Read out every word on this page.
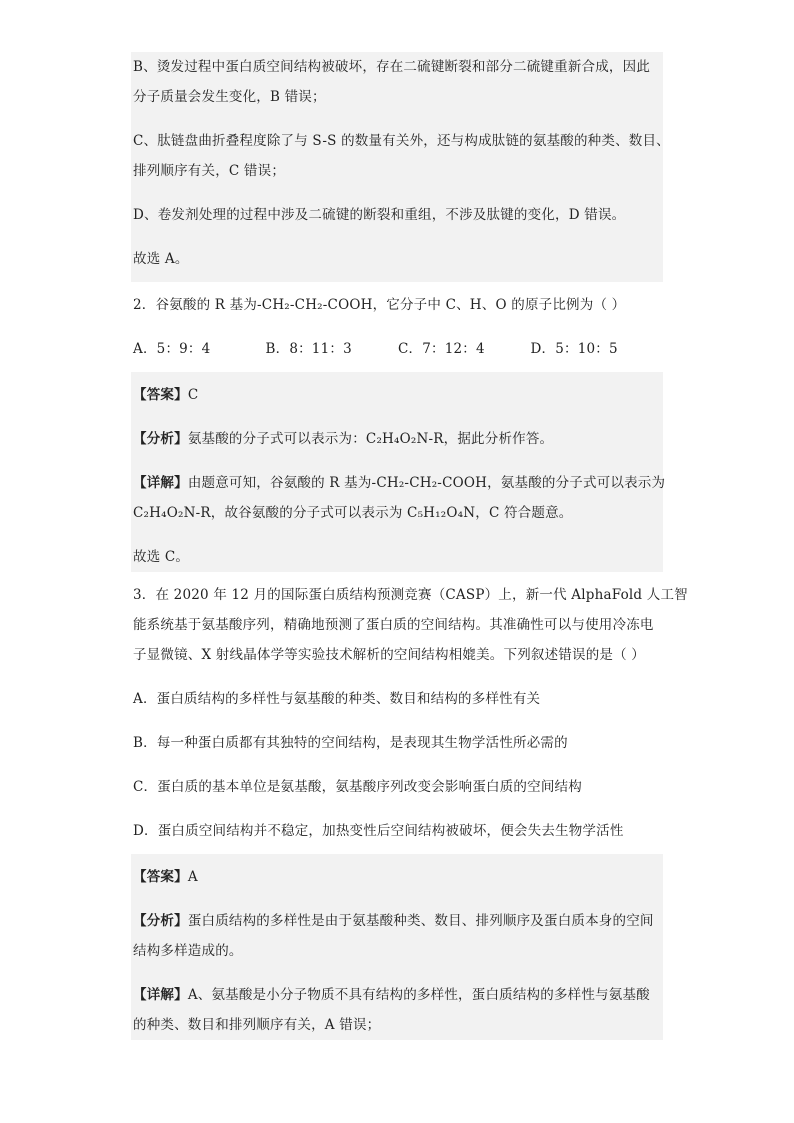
B、烫发过程中蛋白质空间结构被破坏，存在二硫键断裂和部分二硫键重新合成，因此

分子质量会发生变化，B 错误；

C、肽链盘曲折叠程度除了与 S-S 的数量有关外，还与构成肽链的氨基酸的种类、数目、

排列顺序有关，C 错误；

D、卷发剂处理的过程中涉及二硫键的断裂和重组，不涉及肽键的变化，D 错误。

故选 A。

2．谷氨酸的 R 基为-CH₂-CH₂-COOH，它分子中 C、H、O 的原子比例为（ ）

A．5：9：4	B．8：11：3	C．7：12：4	D．5：10：5

【答案】C

【分析】氨基酸的分子式可以表示为：C₂H₄O₂N-R，据此分析作答。

【详解】由题意可知，谷氨酸的 R 基为-CH₂-CH₂-COOH，氨基酸的分子式可以表示为

C₂H₄O₂N-R，故谷氨酸的分子式可以表示为 C₅H₁₂O₄N，C 符合题意。

故选 C。

3．在 2020 年 12 月的国际蛋白质结构预测竞赛（CASP）上，新一代 AlphaFold 人工智

能系统基于氨基酸序列，精确地预测了蛋白质的空间结构。其准确性可以与使用冷冻电

子显微镜、X 射线晶体学等实验技术解析的空间结构相媲美。下列叙述错误的是（ ）

A．蛋白质结构的多样性与氨基酸的种类、数目和结构的多样性有关

B．每一种蛋白质都有其独特的空间结构，是表现其生物学活性所必需的

C．蛋白质的基本单位是氨基酸，氨基酸序列改变会影响蛋白质的空间结构

D．蛋白质空间结构并不稳定，加热变性后空间结构被破坏，便会失去生物学活性

【答案】A

【分析】蛋白质结构的多样性是由于氨基酸种类、数目、排列顺序及蛋白质本身的空间

结构多样造成的。

【详解】A、氨基酸是小分子物质不具有结构的多样性，蛋白质结构的多样性与氨基酸

的种类、数目和排列顺序有关，A 错误；
